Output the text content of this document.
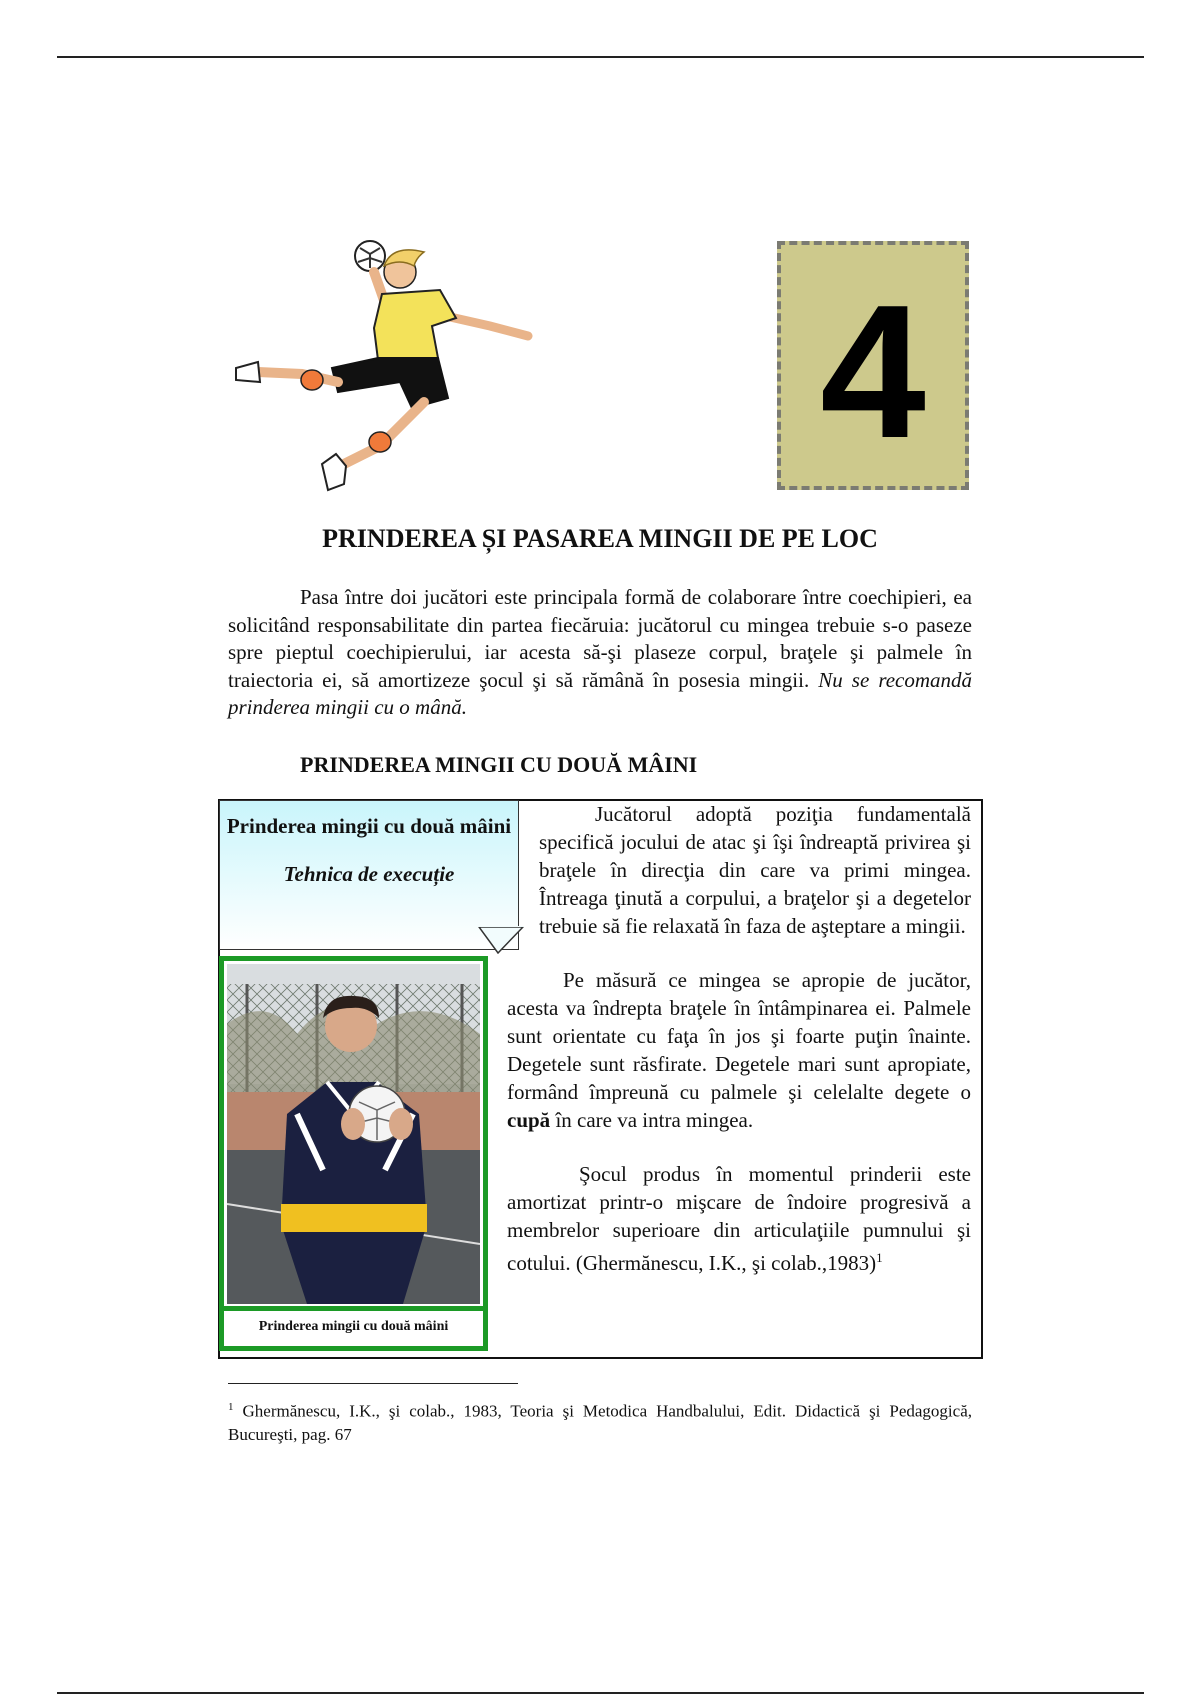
4
PRINDEREA ȘI PASAREA MINGII DE PE LOC

Pasa între doi jucători este principala formă de colaborare între coechipieri, ea solicitând responsabilitate din partea fiecăruia: jucătorul cu mingea trebuie s-o paseze spre pieptul coechipierului, iar acesta să-şi plaseze corpul, braţele şi palmele în traiectoria ei, să amortizeze şocul şi să rămână în posesia mingii. Nu se recomandă prinderea mingii cu o mână.

PRINDEREA MINGII CU DOUĂ MÂINI

Prinderea mingii cu două mâini

Tehnica de execuție

Prinderea mingii cu două mâini

Jucătorul adoptă poziţia fundamentală specifică jocului de atac şi îşi îndreaptă privirea şi braţele în direcţia din care va primi mingea. Întreaga ţinută a corpului, a braţelor şi a degetelor trebuie să fie relaxată în faza de aşteptare a mingii.

Pe măsură ce mingea se apropie de jucător, acesta va îndrepta braţele în întâmpinarea ei. Palmele sunt orientate cu faţa în jos şi foarte puţin înainte. Degetele sunt răsfirate. Degetele mari sunt apropiate, formând împreună cu palmele şi celelalte degete o cupă în care va intra mingea.

Şocul produs în momentul prinderii este amortizat printr-o mişcare de îndoire progresivă a membrelor superioare din articulaţiile pumnului şi cotului. (Ghermănescu, I.K., şi colab.,1983)$^1$

$^1$ Ghermănescu, I.K., şi colab., 1983, Teoria şi Metodica Handbalului, Edit. Didactică şi Pedagogică, Bucureşti, pag. 67
